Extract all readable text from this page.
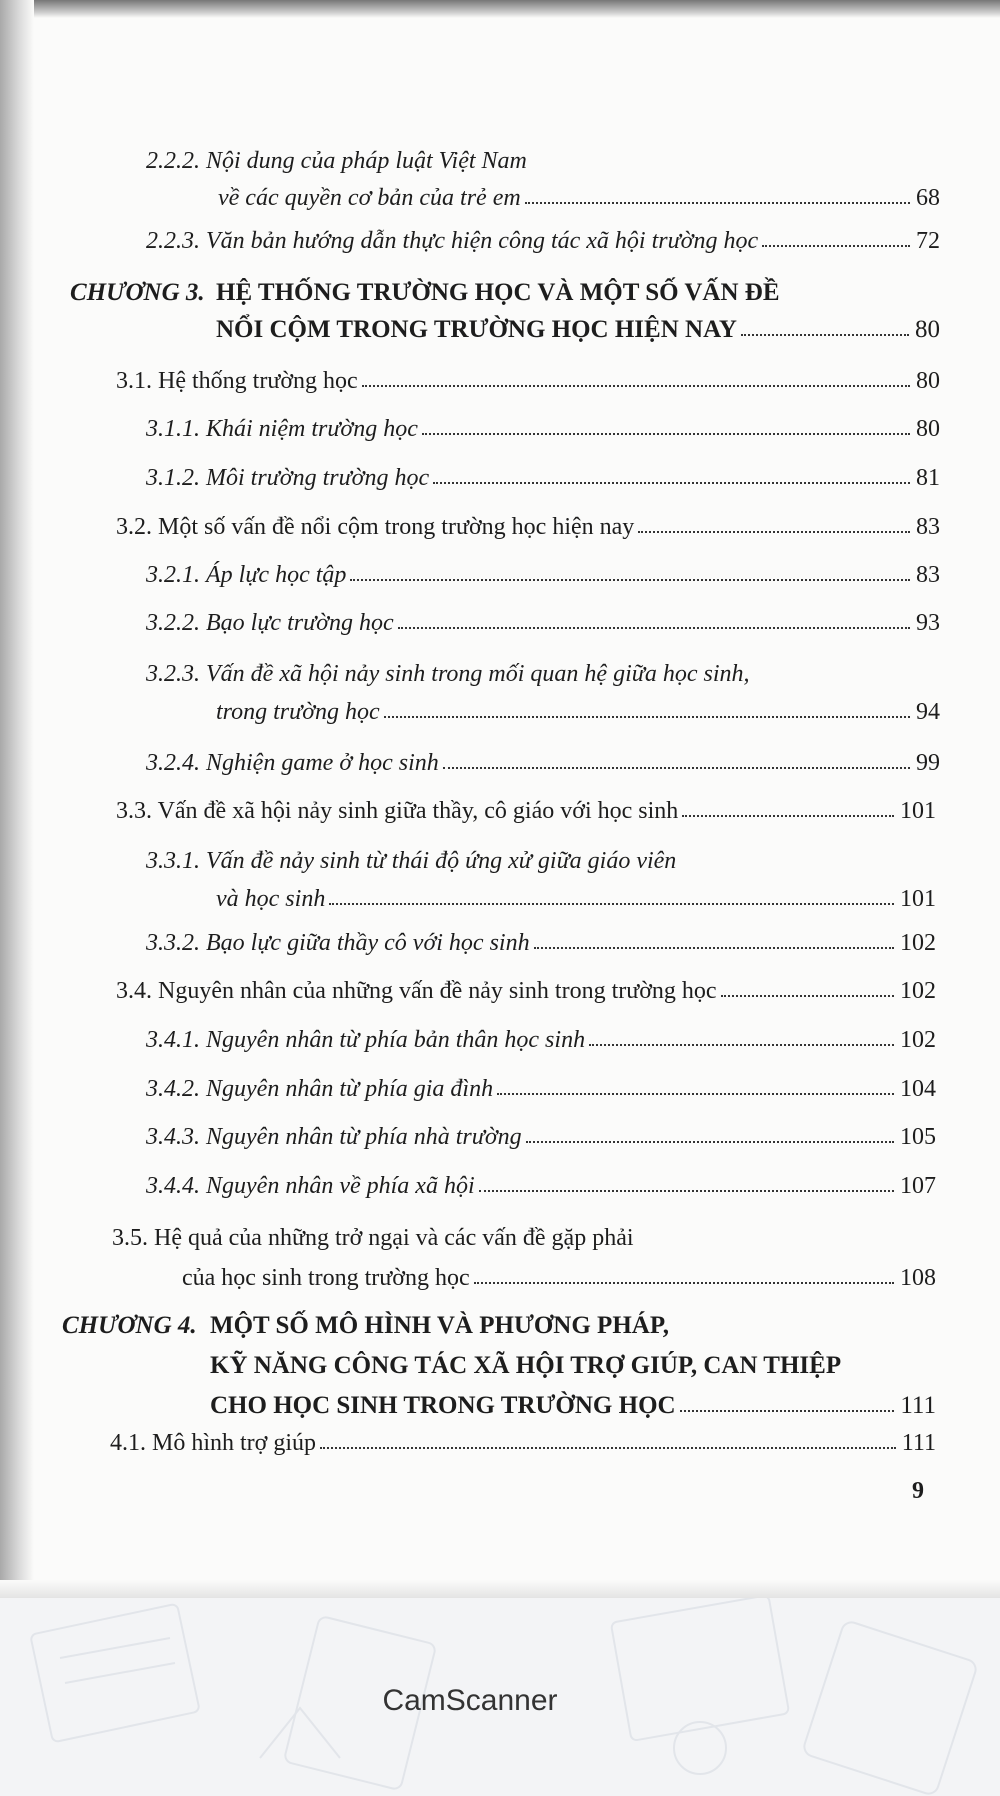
2.2.2. Nội dung của pháp luật Việt Nam
về các quyền cơ bản của trẻ em	68
2.2.3. Văn bản hướng dẫn thực hiện công tác xã hội trường học	72
CHƯƠNG 3. HỆ THỐNG TRƯỜNG HỌC VÀ MỘT SỐ VẤN ĐỀ
NỔI CỘM TRONG TRƯỜNG HỌC HIỆN NAY	80
3.1. Hệ thống trường học	80
3.1.1. Khái niệm trường học	80
3.1.2. Môi trường trường học	81
3.2. Một số vấn đề nổi cộm trong trường học hiện nay	83
3.2.1. Áp lực học tập	83
3.2.2. Bạo lực trường học	93
3.2.3. Vấn đề xã hội nảy sinh trong mối quan hệ giữa học sinh,
trong trường học	94
3.2.4. Nghiện game ở học sinh	99
3.3. Vấn đề xã hội nảy sinh giữa thầy, cô giáo với học sinh	101
3.3.1. Vấn đề nảy sinh từ thái độ ứng xử giữa giáo viên
và học sinh	101
3.3.2. Bạo lực giữa thầy cô với học sinh	102
3.4. Nguyên nhân của những vấn đề nảy sinh trong trường học	102
3.4.1. Nguyên nhân từ phía bản thân học sinh	102
3.4.2. Nguyên nhân từ phía gia đình	104
3.4.3. Nguyên nhân từ phía nhà trường	105
3.4.4. Nguyên nhân về phía xã hội	107
3.5. Hệ quả của những trở ngại và các vấn đề gặp phải
của học sinh trong trường học	108
CHƯƠNG 4. MỘT SỐ MÔ HÌNH VÀ PHƯƠNG PHÁP,
KỸ NĂNG CÔNG TÁC XÃ HỘI TRỢ GIÚP, CAN THIỆP
CHO HỌC SINH TRONG TRƯỜNG HỌC	111
4.1. Mô hình trợ giúp	111
9
CamScanner
